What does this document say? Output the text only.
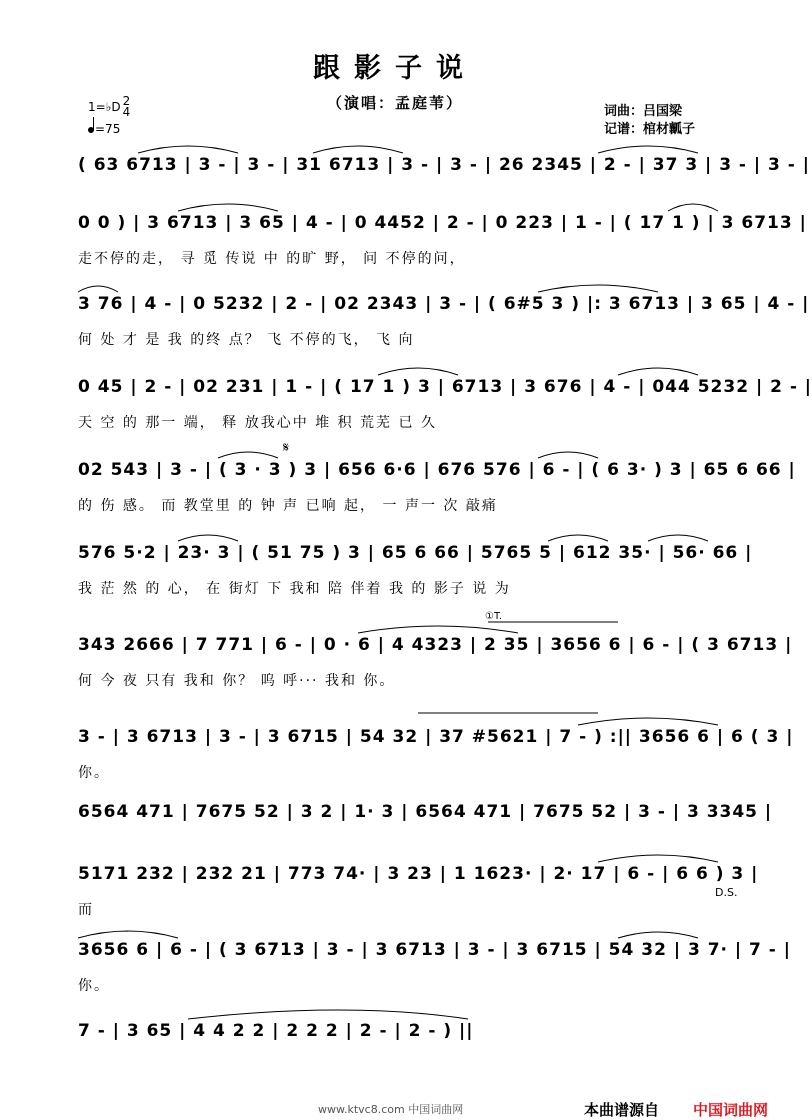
跟影子说
（演唱：孟庭苇）	词曲：吕国梁
记谱：棺材瓤子
1=♭D 2
4
=75
( 63 6713 | 3 - | 3 - | 31 6713 | 3 - | 3 - | 26 2345 | 2 - | 37 3 | 3 - | 3 - |
0 0 ) | 3 6713 | 3 65 | 4 - | 0 4452 | 2 - | 0 223 | 1 - | ( 17 1 ) | 3 6713 |
走不停的走， 寻 觅 传说 中 的旷 野， 问 不停的问，
3 76 | 4 - | 0 5232 | 2 - | 02 2343 | 3 - | ( 6#5 3 ) |: 3 6713 | 3 65 | 4 - |
何 处 才 是 我 的终 点？ 飞 不停的飞， 飞 向
0 45 | 2 - | 02 231 | 1 - | ( 17 1 ) 3 | 6713 | 3 676 | 4 - | 044 5232 | 2 - |
天 空 的 那一 端， 释 放我心中 堆 积 荒芜 已 久
𝄋
02 543 | 3 - | ( 3 · 3 ) 3 | 656 6·6 | 676 576 | 6 - | ( 6 3· ) 3 | 65 6 66 |
的 伤 感。 而 教堂里 的 钟 声 已响 起， 一 声一 次 敲痛
576 5·2 | 23· 3 | ( 51 75 ) 3 | 65 6 66 | 5765 5 | 612 35· | 56· 66 |
我 茫 然 的 心， 在 街灯 下 我和 陪 伴着 我 的 影子 说 为
①T.
343 2666 | 7 771 | 6 - | 0 · 6 | 4 4323 | 2 35 | 3656 6 | 6 - | ( 3 6713 |
何 今 夜 只有 我和 你？ 呜 呼··· 我和 你。
3 - | 3 6713 | 3 - | 3 6715 | 54 32 | 37 #5621 | 7 - ) :|| 3656 6 | 6 ( 3 |
你。
6564 471 | 7675 52 | 3 2 | 1· 3 | 6564 471 | 7675 52 | 3 - | 3 3345 |
D.S.
5171 232 | 232 21 | 773 74· | 3 23 | 1 1623· | 2· 17 | 6 - | 6 6 ) 3 |
而
3656 6 | 6 - | ( 3 6713 | 3 - | 3 6713 | 3 - | 3 6715 | 54 32 | 3 7· | 7 - |
你。
7 - | 3 65 | 4 4 2 2 | 2 2 2 | 2 - | 2 - ) ||
www.ktvc8.com 中国词曲网	本曲谱源自 中国词曲网
